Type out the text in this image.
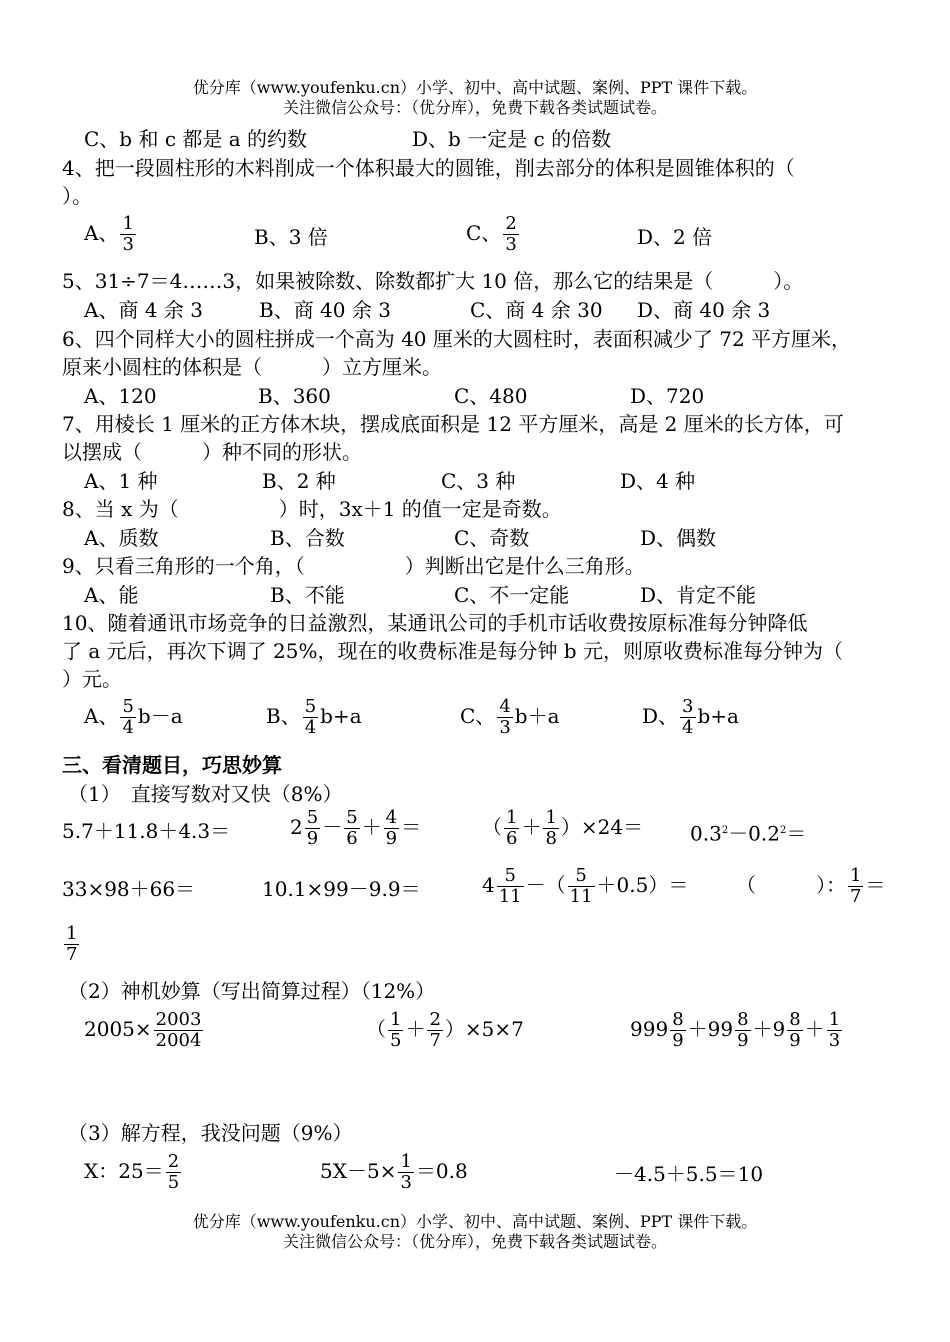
优分库（www.youfenku.cn）小学、初中、高中试题、案例、PPT 课件下载。
关注微信公众号：（优分库），免费下载各类试题试卷。
C、b 和 c 都是 a 的约数	D、b 一定是 c 的倍数
4、把一段圆柱形的木料削成一个体积最大的圆锥，削去部分的体积是圆锥体积的（
）。
A、 $\frac{1}{3}$	B、3 倍	C、 $\frac{2}{3}$	D、2 倍
5、31÷7＝4……3，如果被除数、除数都扩大 10 倍，那么它的结果是（　　　）。
A、商 4 余 3	B、商 40 余 3	C、商 4 余 30 D、商 40 余 3
6、四个同样大小的圆柱拼成一个高为 40 厘米的大圆柱时，表面积减少了 72 平方厘米，
原来小圆柱的体积是（　　　）立方厘米。
A、120	B、360	C、480	D、720
7、用棱长 1 厘米的正方体木块，摆成底面积是 12 平方厘米，高是 2 厘米的长方体，可
以摆成（　　　）种不同的形状。
A、1 种	B、2 种	C、3 种	D、4 种
8、当 x 为（　　　　　）时，3x＋1 的值一定是奇数。
A、质数	B、合数	C、奇数	D、偶数
9、只看三角形的一个角，（　　　　　）判断出它是什么三角形。
A、能	B、不能	C、不一定能	D、肯定不能
10、随着通讯市场竞争的日益激烈，某通讯公司的手机市话收费按原标准每分钟降低
了 a 元后，再次下调了 25%，现在的收费标准是每分钟 b 元，则原收费标准每分钟为（
）元。
A、 $\frac{5}{4} b-a$	B、 $\frac{5}{4} b+a$	C、 $\frac{4}{3} b+a$	D、 $\frac{3}{4} b+a$
三、看清题目，巧思妙算
（1）　直接写数对又快（8%）
5.7＋11.8＋4.3＝	$2 \frac{5}{9} - \frac{5}{6} + \frac{4}{9}$ ＝	（ $\frac{1}{6} + \frac{1}{8} )\times 24= 0.3^2-0.2^2=$
33×98＋66＝	10.1×99－9.9＝	$4 \frac{5}{11}$ －（ $\frac{5}{11} +0.5)=$ （　　　）： $\frac{1}{7}$ ＝
$\frac{1}{7}$
（2）神机妙算（写出简算过程）（12%）
$2005\times \frac{2003}{2004}$	（ $\frac{1}{5} + \frac{2}{7} )\times 5\times 7$	$999 \frac{8}{9} +99 \frac{8}{9} +9 \frac{8}{9} + \frac{1}{3}$
（3）解方程，我没问题（9%）
X：$25= \frac{2}{5}$	$5X-5\times \frac{1}{3} =0.8$	－4.5＋5.5＝10
优分库（www.youfenku.cn）小学、初中、高中试题、案例、PPT 课件下载。
关注微信公众号：（优分库），免费下载各类试题试卷。
